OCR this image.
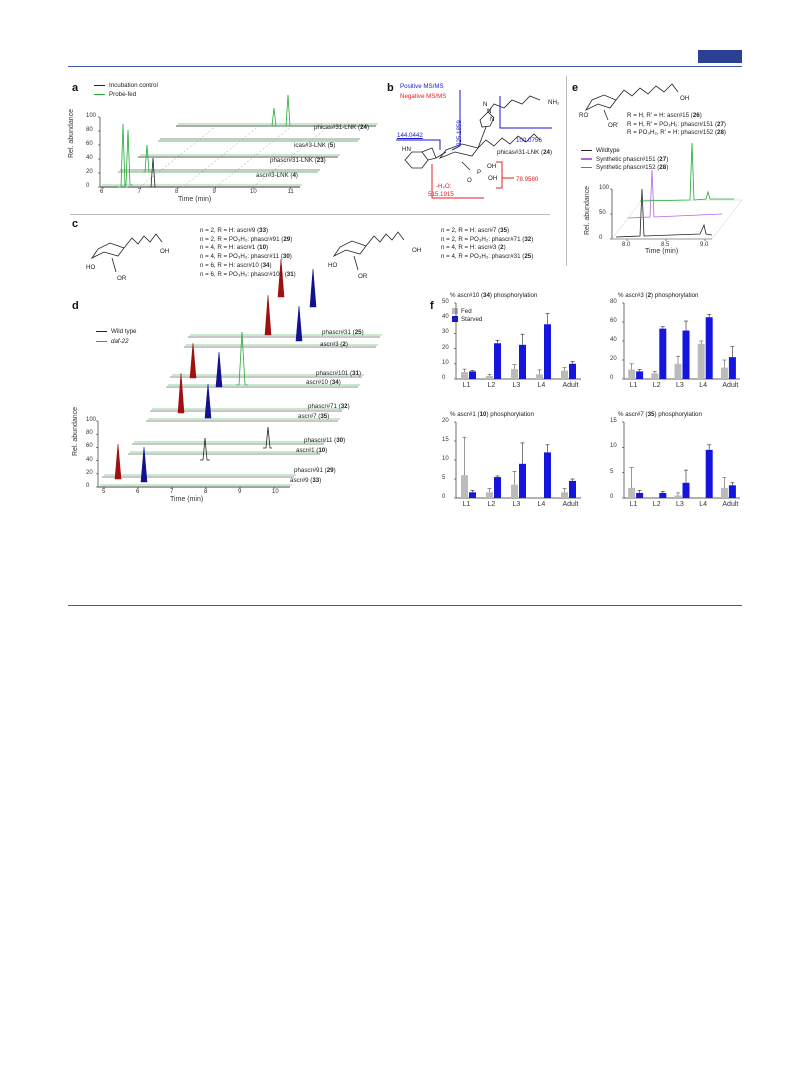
a	Incubation control
Probe-fed
Rel. abundance
Time (min)
phicas#31-LNK (24)
icas#3-LNK (5)
phascr#31-LNK (23)
ascr#3-LNK (4)
b Positive MS/MS
Negative MS/MS
144.0442	325.1859	100.0756
78.9580
-H₂O:
515.1915
phicas#31-LNK (24)
HN
OH
OH
P
O
NH₂
N
N
N
c
HO
OR
OH
HO
OR
OH
d
Wild type
daf-22
Rel. abundance
Time (min)
e
RO
OR'
OH
Rel. abundance
Time (min)
f	Fed
Starved
0
20
40
60
80
100
6	7	8	9	10	11
n = 2, R = H: ascr#9 (33)
n = 2, R = PO₃H₂: phascr#91 (29)
n = 4, R = H: ascr#1 (10)
n = 4, R = PO₃H₂: phascr#11 (30)
n = 6, R = H: ascr#10 (34)
n = 6, R = PO₃H₂: phascr#101 (31)
n = 2, R = H: ascr#7 (35)
n = 2, R = PO₃H₂: phascr#71 (32)
n = 4, R = H: ascr#3 (2)
n = 4, R = PO₃H₂: phascr#31 (25)
0
20
40
60
80
100
5	6	7	8	9	10
phascr#31 (25)
ascr#3 (2)
phascr#101 (31)
ascr#10 (34)
phascr#71 (32)
ascr#7 (35)
phascr#11 (30)
ascr#1 (10)
phascr#91 (29)
ascr#9 (33)
R = H, R' = H: ascr#15 (26)
R = H, R' = PO₃H₂: phascr#151 (27)
R = PO₃H₂, R' = H: phascr#152 (28)
Wildtype
Synthetic phascr#151 (27)
Synthetic phascr#152 (28)
0
50
100
8.0	8.5	9.0
% ascr#10 (34) phosphorylation
0
10
20
30
40
50
L1 L2 L3 L4 Adult
% ascr#3 (2) phosphorylation
0
20
40
60
80
L1 L2 L3 L4 Adult
% ascr#1 (10) phosphorylation
0
5
10
15
20
L1 L2 L3 L4 Adult
% ascr#7 (35) phosphorylation
0
5
10
15
L1 L2 L3 L4 Adult
